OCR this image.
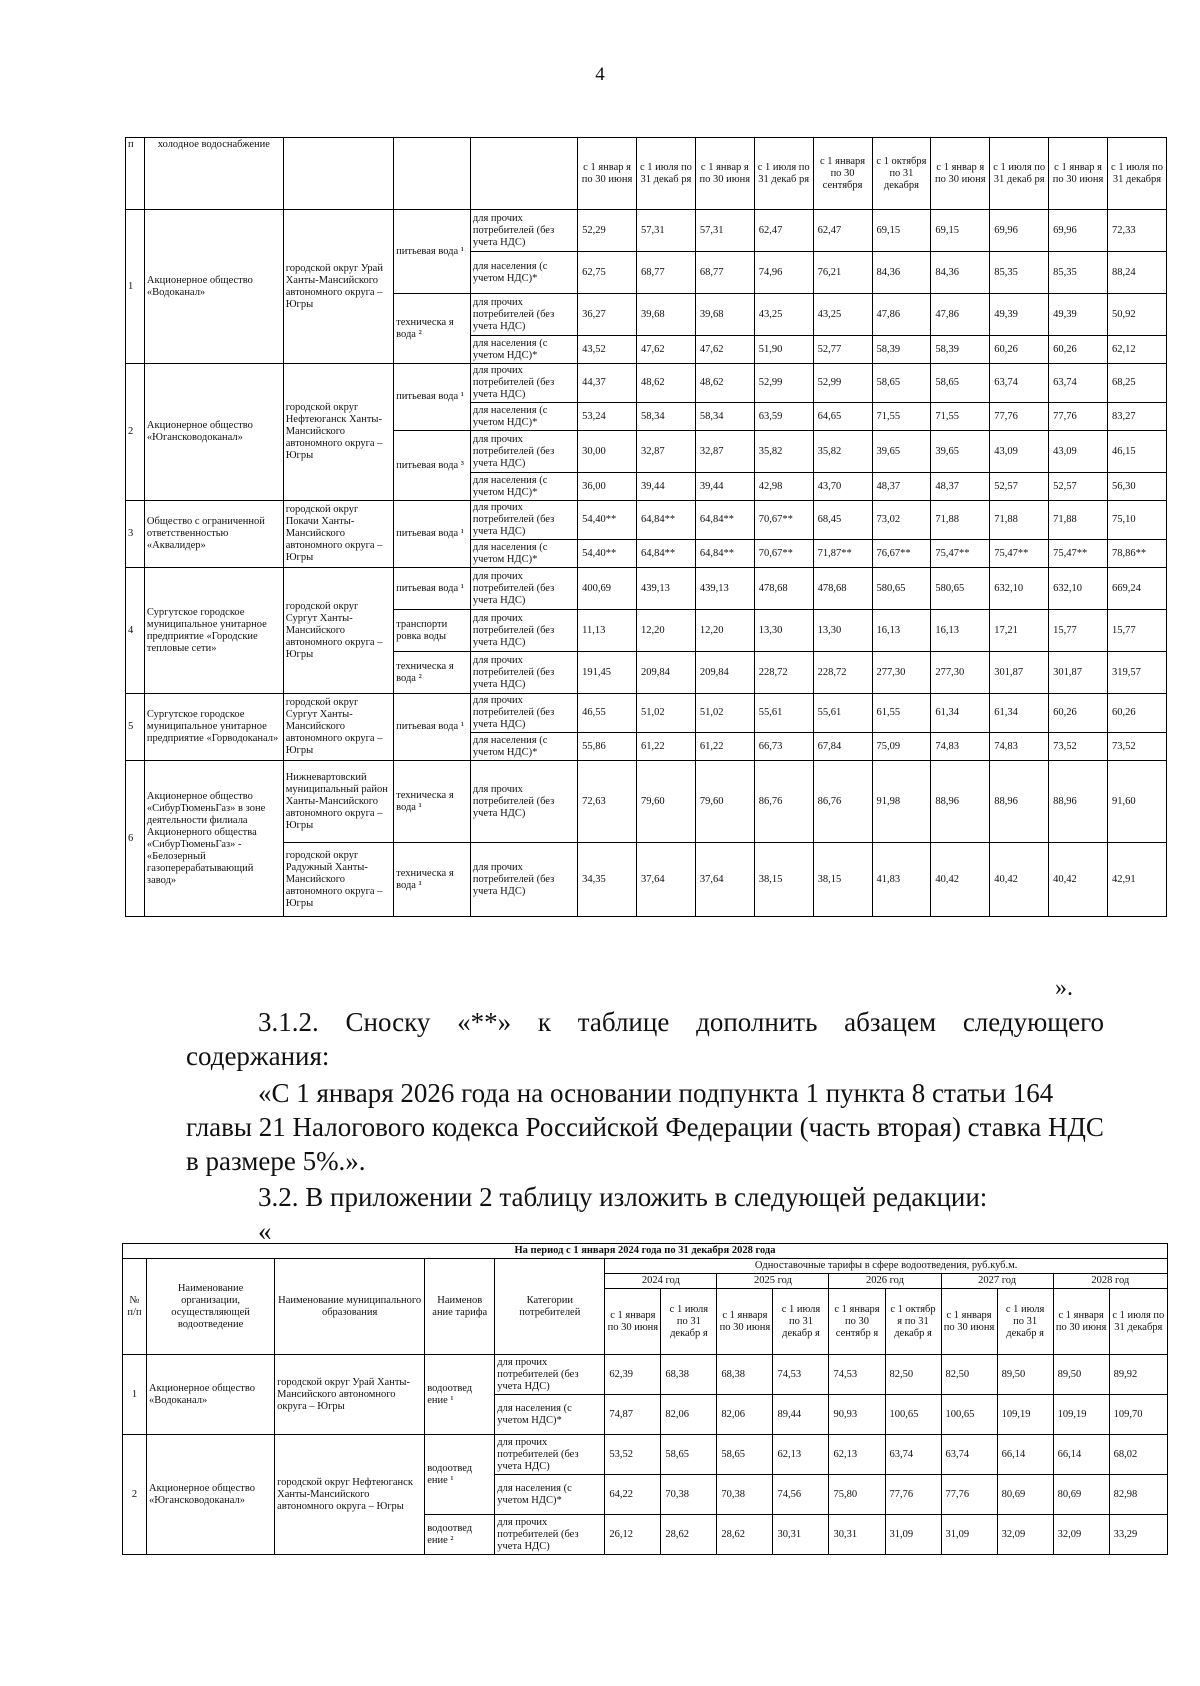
4
п	холодное водоснабжение				с 1 январ я по 30 июня	с 1 июля по 31 декаб ря	с 1 январ я по 30 июня	с 1 июля по 31 декаб ря	с 1 января по 30 сентября	с 1 октября по 31 декабря	с 1 январ я по 30 июня	с 1 июля по 31 декаб ря	с 1 январ я по 30 июня	с 1 июля по 31 декабря
1	Акционерное общество «Водоканал»	городской округ Урай Ханты-Мансийского автономного округа – Югры	питьевая вода ¹	для прочих потребителей (без учета НДС)	52,29	57,31	57,31	62,47	62,47	69,15	69,15	69,96	69,96	72,33
				для населения (с учетом НДС)*	62,75	68,77	68,77	74,96	76,21	84,36	84,36	85,35	85,35	88,24
			техническа я вода ²	для прочих потребителей (без учета НДС)	36,27	39,68	39,68	43,25	43,25	47,86	47,86	49,39	49,39	50,92
				для населения (с учетом НДС)*	43,52	47,62	47,62	51,90	52,77	58,39	58,39	60,26	60,26	62,12
2	Акционерное общество «Югансководоканал»	городской округ Нефтеюганск Ханты-Мансийского автономного округа – Югры	питьевая вода ¹	для прочих потребителей (без учета НДС)	44,37	48,62	48,62	52,99	52,99	58,65	58,65	63,74	63,74	68,25
				для населения (с учетом НДС)*	53,24	58,34	58,34	63,59	64,65	71,55	71,55	77,76	77,76	83,27
			питьевая вода ³	для прочих потребителей (без учета НДС)	30,00	32,87	32,87	35,82	35,82	39,65	39,65	43,09	43,09	46,15
				для населения (с учетом НДС)*	36,00	39,44	39,44	42,98	43,70	48,37	48,37	52,57	52,57	56,30
3	Общество с ограниченной ответственностью «Аквалидер»	городской округ Покачи Ханты-Мансийского автономного округа – Югры	питьевая вода ¹	для прочих потребителей (без учета НДС)	54,40**	64,84**	64,84**	70,67**	68,45	73,02	71,88	71,88	71,88	75,10
				для населения (с учетом НДС)*	54,40**	64,84**	64,84**	70,67**	71,87**	76,67**	75,47**	75,47**	75,47**	78,86**
4	Сургутское городское муниципальное унитарное предприятие «Городские тепловые сети»	городской округ Сургут Ханты-Мансийского автономного округа – Югры	питьевая вода ¹	для прочих потребителей (без учета НДС)	400,69	439,13	439,13	478,68	478,68	580,65	580,65	632,10	632,10	669,24
			транспорти ровка воды	для прочих потребителей (без учета НДС)	11,13	12,20	12,20	13,30	13,30	16,13	16,13	17,21	15,77	15,77
			техническа я вода ²	для прочих потребителей (без учета НДС)	191,45	209,84	209,84	228,72	228,72	277,30	277,30	301,87	301,87	319,57
5	Сургутское городское муниципальное унитарное предприятие «Горводоканал»	городской округ Сургут Ханты-Мансийского автономного округа – Югры	питьевая вода ¹	для прочих потребителей (без учета НДС)	46,55	51,02	51,02	55,61	55,61	61,55	61,34	61,34	60,26	60,26
				для населения (с учетом НДС)*	55,86	61,22	61,22	66,73	67,84	75,09	74,83	74,83	73,52	73,52
6	Акционерное общество «СибурТюменьГаз» в зоне деятельности филиала Акционерного общества «СибурТюменьГаз» - «Белозерный газоперерабатывающий завод»	Нижневартовский муниципальный район Ханты-Мансийского автономного округа – Югры	техническа я вода ¹	для прочих потребителей (без учета НДС)	72,63	79,60	79,60	86,76	86,76	91,98	88,96	88,96	88,96	91,60
		городской округ Радужный Ханты-Мансийского автономного округа – Югры	техническа я вода ¹	для прочих потребителей (без учета НДС)	34,35	37,64	37,64	38,15	38,15	41,83	40,42	40,42	40,42	42,91
».
3.1.2. Сноску «**» к таблице дополнить абзацем следующего содержания:
«С 1 января 2026 года на основании подпункта 1 пункта 8 статьи 164 главы 21 Налогового кодекса Российской Федерации (часть вторая) ставка НДС в размере 5%.».
3.2. В приложении 2 таблицу изложить в следующей редакции:
«
На период с 1 января 2024 года по 31 декабря 2028 года														
№ п/п	Наименование организации, осуществляющей водоотведение	Наименование муниципального образования	Наименов ание тарифа	Категории потребителей	Одноставочные тарифы в сфере водоотведения, руб.куб.м.									
					2024 год		2025 год		2026 год		2027 год		2028 год	
					с 1 января по 30 июня	с 1 июля по 31 декабр я	с 1 января по 30 июня	с 1 июля по 31 декабр я	с 1 января по 30 сентябр я	с 1 октябр я по 31 декабр я	с 1 января по 30 июня	с 1 июля по 31 декабр я	с 1 января по 30 июня	с 1 июля по 31 декабря
1	Акционерное общество «Водоканал»	городской округ Урай Ханты-Мансийского автономного округа – Югры	водоотвед ение ¹	для прочих потребителей (без учета НДС)	62,39	68,38	68,38	74,53	74,53	82,50	82,50	89,50	89,50	89,92
				для населения (с учетом НДС)*	74,87	82,06	82,06	89,44	90,93	100,65	100,65	109,19	109,19	109,70
2	Акционерное общество «Югансководоканал»	городской округ Нефтеюганск Ханты-Мансийского автономного округа – Югры	водоотвед ение ¹	для прочих потребителей (без учета НДС)	53,52	58,65	58,65	62,13	62,13	63,74	63,74	66,14	66,14	68,02
				для населения (с учетом НДС)*	64,22	70,38	70,38	74,56	75,80	77,76	77,76	80,69	80,69	82,98
			водоотвед ение ²	для прочих потребителей (без учета НДС)	26,12	28,62	28,62	30,31	30,31	31,09	31,09	32,09	32,09	33,29
